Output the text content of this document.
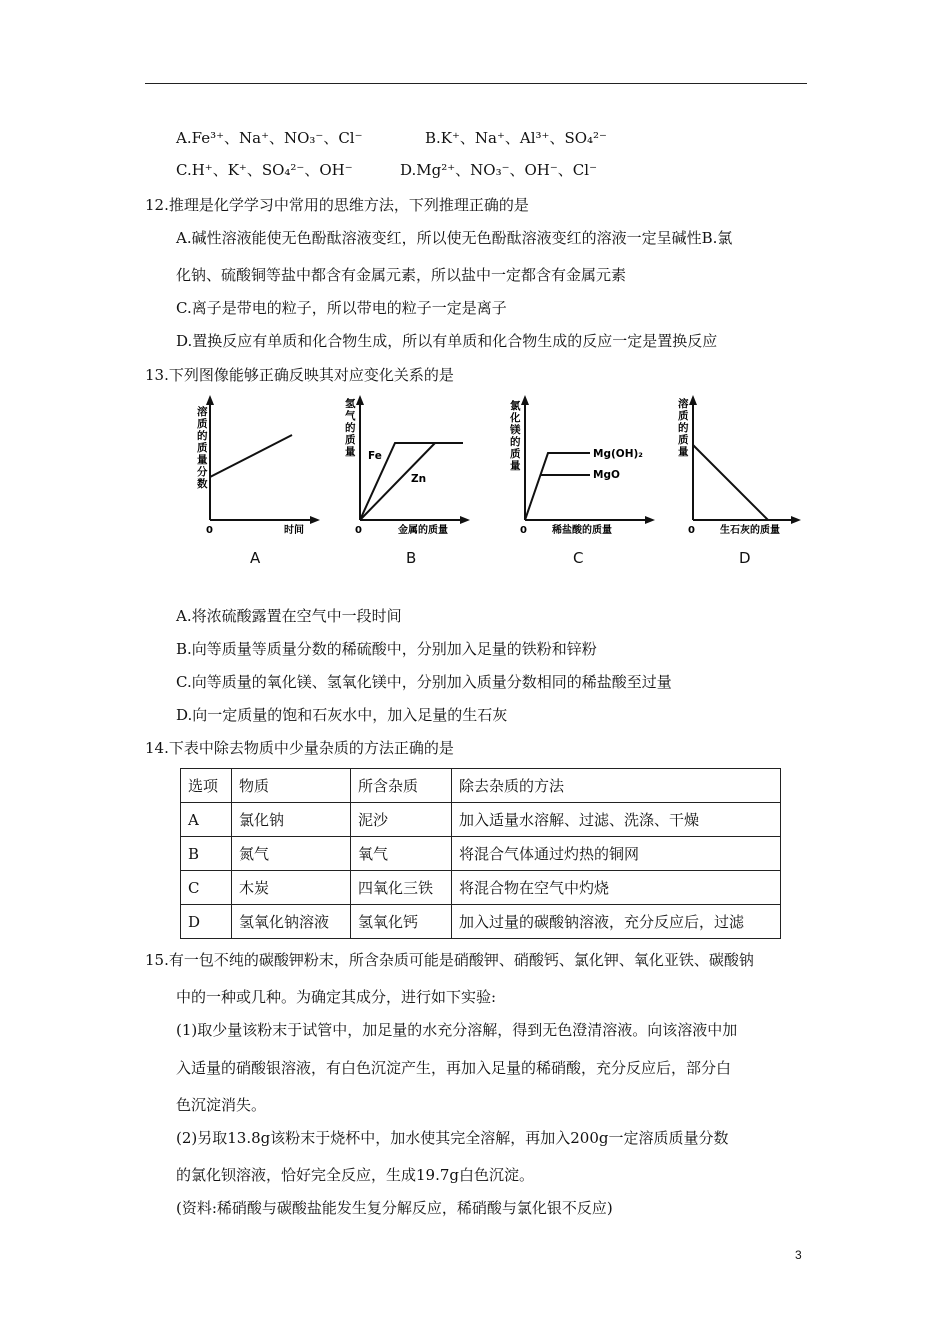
A.Fe³⁺、Na⁺、NO₃⁻、Cl⁻	B.K⁺、Na⁺、Al³⁺、SO₄²⁻
C.H⁺、K⁺、SO₄²⁻、OH⁻	D.Mg²⁺、NO₃⁻、OH⁻、Cl⁻
12.推理是化学学习中常用的思维方法，下列推理正确的是
A.碱性溶液能使无色酚酞溶液变红，所以使无色酚酞溶液变红的溶液一定呈碱性B.氯
化钠、硫酸铜等盐中都含有金属元素，所以盐中一定都含有金属元素
C.离子是带电的粒子，所以带电的粒子一定是离子
D.置换反应有单质和化合物生成，所以有单质和化合物生成的反应一定是置换反应
13.下列图像能够正确反映其对应变化关系的是
溶质的质量分数
0	时间
A
氢气的质量 Fe
Zn
0	金属的质量
B
氯化镁的质量
Mg(OH)₂
MgO
0	稀盐酸的质量
C
溶质的质量
0	生石灰的质量
D
A.将浓硫酸露置在空气中一段时间
B.向等质量等质量分数的稀硫酸中，分别加入足量的铁粉和锌粉
C.向等质量的氧化镁、氢氧化镁中，分别加入质量分数相同的稀盐酸至过量
D.向一定质量的饱和石灰水中，加入足量的生石灰
14.下表中除去物质中少量杂质的方法正确的是
选项	物质	所含杂质	除去杂质的方法
A	氯化钠	泥沙	加入适量水溶解、过滤、洗涤、干燥
B	氮气	氧气	将混合气体通过灼热的铜网
C	木炭	四氧化三铁	将混合物在空气中灼烧
D	氢氧化钠溶液	氢氧化钙	加入过量的碳酸钠溶液，充分反应后，过滤
15.有一包不纯的碳酸钾粉末，所含杂质可能是硝酸钾、硝酸钙、氯化钾、氧化亚铁、碳酸钠
中的一种或几种。为确定其成分，进行如下实验:
(1)取少量该粉末于试管中，加足量的水充分溶解，得到无色澄清溶液。向该溶液中加
入适量的硝酸银溶液，有白色沉淀产生，再加入足量的稀硝酸，充分反应后，部分白
色沉淀消失。
(2)另取13.8g该粉末于烧杯中，加水使其完全溶解，再加入200g一定溶质质量分数
的氯化钡溶液，恰好完全反应，生成19.7g白色沉淀。
(资料:稀硝酸与碳酸盐能发生复分解反应，稀硝酸与氯化银不反应)
3
